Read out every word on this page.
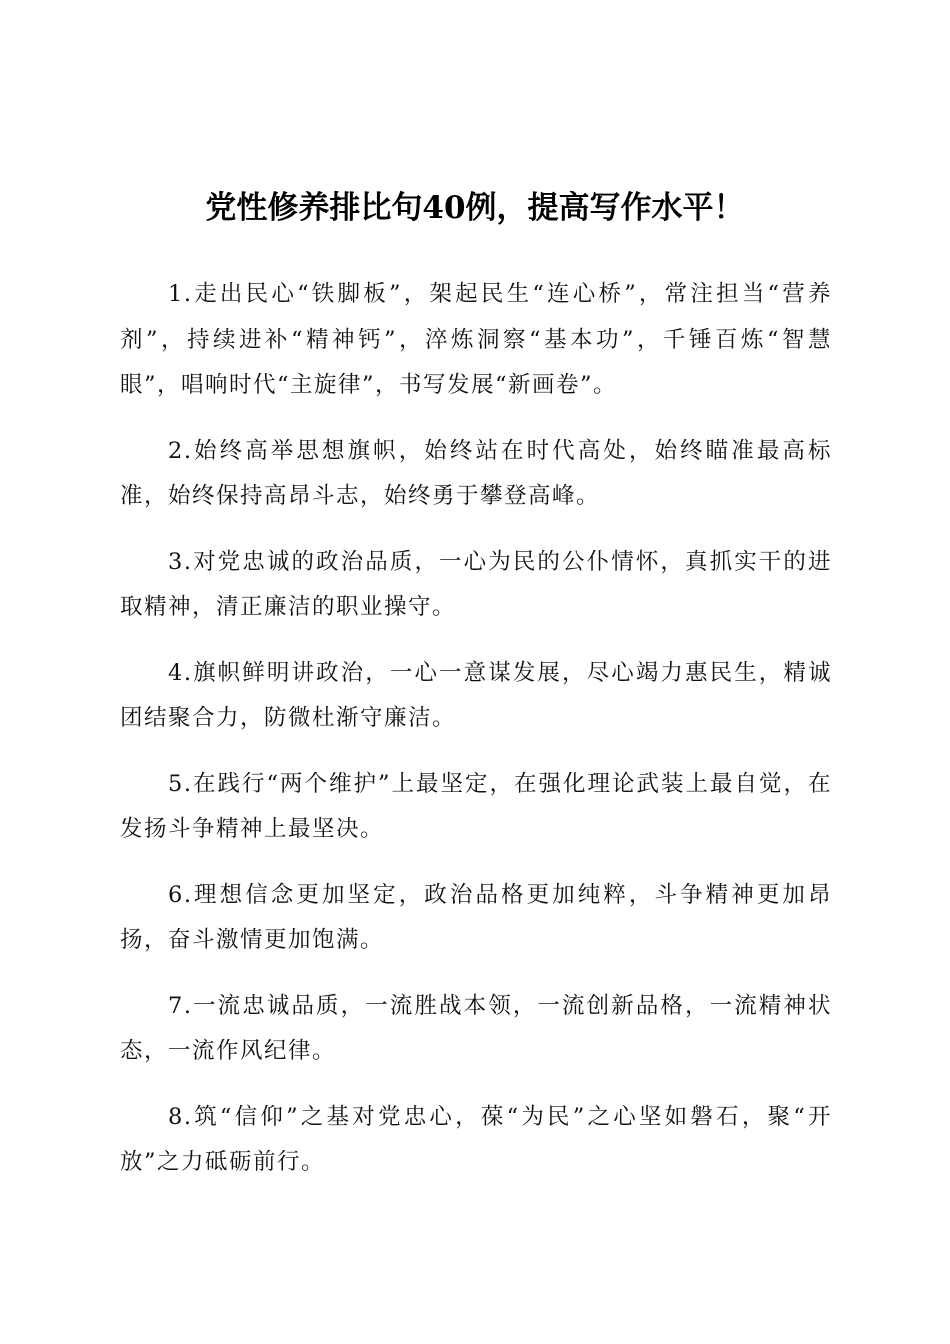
党性修养排比句40例，提高写作水平！

1.走出民心“铁脚板”，架起民生“连心桥”，常注担当“营养剂”，持续进补“精神钙”，淬炼洞察“基本功”，千锤百炼“智慧眼”，唱响时代“主旋律”，书写发展“新画卷”。

2.始终高举思想旗帜，始终站在时代高处，始终瞄准最高标准，始终保持高昂斗志，始终勇于攀登高峰。

3.对党忠诚的政治品质，一心为民的公仆情怀，真抓实干的进取精神，清正廉洁的职业操守。

4.旗帜鲜明讲政治，一心一意谋发展，尽心竭力惠民生，精诚团结聚合力，防微杜渐守廉洁。

5.在践行“两个维护”上最坚定，在强化理论武装上最自觉，在发扬斗争精神上最坚决。

6.理想信念更加坚定，政治品格更加纯粹，斗争精神更加昂扬，奋斗激情更加饱满。

7.一流忠诚品质，一流胜战本领，一流创新品格，一流精神状态，一流作风纪律。

8.筑“信仰”之基对党忠心，葆“为民”之心坚如磐石，聚“开放”之力砥砺前行。
